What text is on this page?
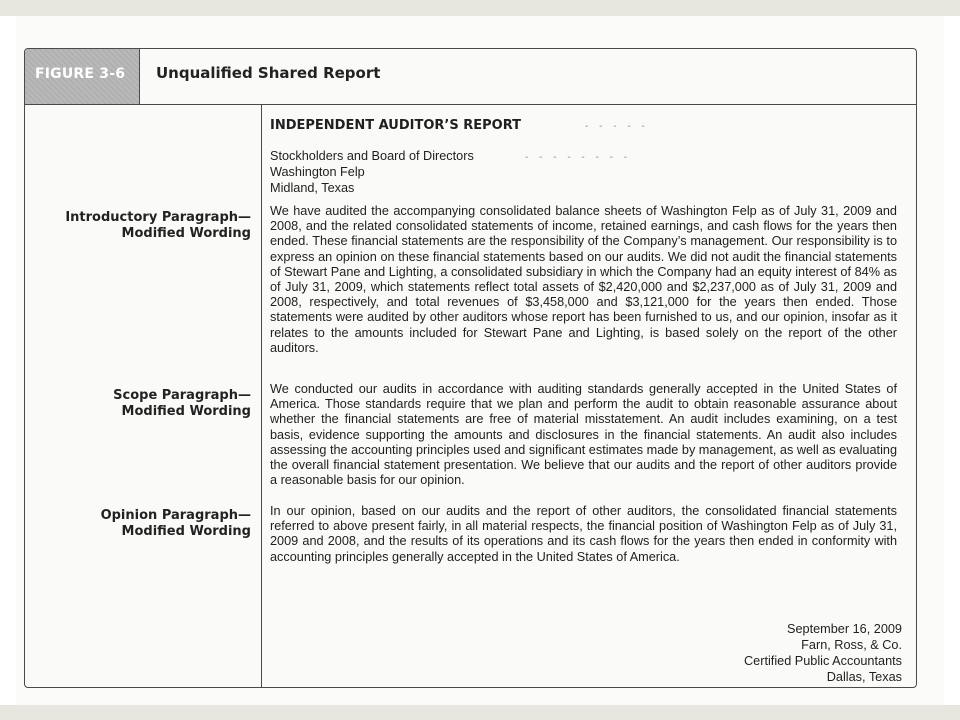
FIGURE 3-6 Unqualified Shared Report
Introductory Paragraph—
Modified Wording
Scope Paragraph—
Modified Wording
Opinion Paragraph—
Modified Wording
INDEPENDENT AUDITOR’S REPORT	- - - - -
Stockholders and Board of Directors
Washington Felp
Midland, Texas
- - - - - - - -
We have audited the accompanying consolidated balance sheets of Washington Felp as of July 31, 2009 and 2008, and the related consolidated statements of income, retained earnings, and cash flows for the years then ended. These financial statements are the responsibility of the Company’s management. Our responsibility is to express an opinion on these financial statements based on our audits. We did not audit the financial statements of Stewart Pane and Lighting, a consolidated subsidiary in which the Company had an equity interest of 84% as of July 31, 2009, which statements reflect total assets of $2,420,000 and $2,237,000 as of July 31, 2009 and 2008, respectively, and total revenues of $3,458,000 and $3,121,000 for the years then ended. Those statements were audited by other auditors whose report has been furnished to us, and our opinion, insofar as it relates to the amounts included for Stewart Pane and Lighting, is based solely on the report of the other auditors.
We conducted our audits in accordance with auditing standards generally accepted in the United States of America. Those standards require that we plan and perform the audit to obtain reasonable assurance about whether the financial statements are free of material misstatement. An audit includes examining, on a test basis, evidence supporting the amounts and disclosures in the financial statements. An audit also includes assessing the accounting principles used and significant estimates made by management, as well as evaluating the overall financial statement presentation. We believe that our audits and the report of other auditors provide a reasonable basis for our opinion.
In our opinion, based on our audits and the report of other auditors, the consolidated financial statements referred to above present fairly, in all material respects, the financial position of Washington Felp as of July 31, 2009 and 2008, and the results of its operations and its cash flows for the years then ended in conformity with accounting principles generally accepted in the United States of America.
September 16, 2009
Farn, Ross, & Co.
Certified Public Accountants
Dallas, Texas
